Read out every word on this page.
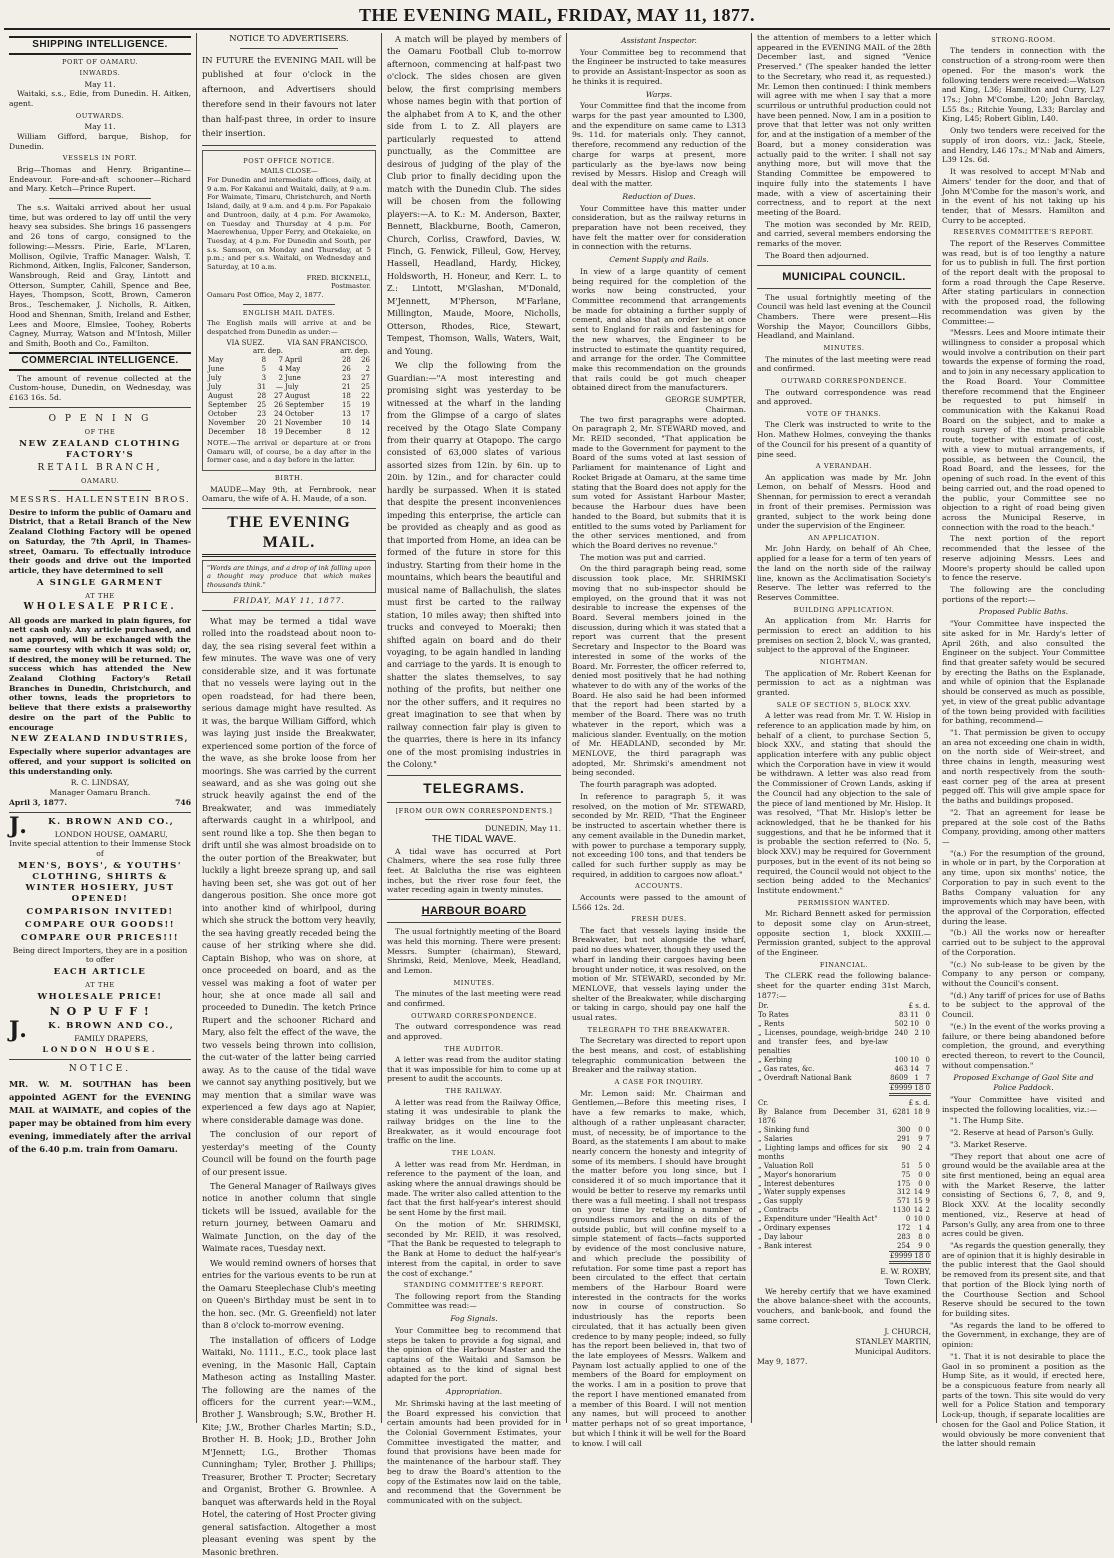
THE EVENING MAIL, FRIDAY, MAY 11, 1877.
SHIPPING INTELLIGENCE.
PORT OF OAMARU.
INWARDS.
May 11.

Waitaki, s.s., Edie, from Dunedin. H. Aitken, agent.

OUTWARDS.
May 11.

William Gifford, barque, Bishop, for Dunedin.

VESSELS IN PORT.

Brig—Thomas and Henry. Brigantine—Endeavour. Fore-and-aft schooner—Richard and Mary. Ketch—Prince Rupert.

The s.s. Waitaki arrived about her usual time, but was ordered to lay off until the very heavy sea subsides. She brings 16 passengers and 26 tons of cargo, consigned to the following:—Messrs. Pirie, Earle, M'Laren, Mollison, Ogilvie, Traffic Manager. Walsh, T. Richmond, Aitken, Inglis, Falconer, Sanderson, Wansbrough, Reid and Gray, Lintott and Otterson, Sumpter, Cahill, Spence and Bee, Hayes, Thompson, Scott, Brown, Cameron Bros., Teschemaker, J. Nicholls, R. Aitken, Hood and Shennan, Smith, Ireland and Esther, Lees and Moore, Elmslee, Toohey, Roberts Cagney, Murray, Watson and M'Intosh, Miller and Smith, Booth and Co., Familton.

COMMERCIAL INTELLIGENCE.

The amount of revenue collected at the Custom-house, Dunedin, on Wednesday, was £163 16s. 5d.

O P E N I N G
OF THE
NEW ZEALAND CLOTHING FACTORY'S
RETAIL BRANCH,
OAMARU.
MESSRS. HALLENSTEIN BROS.

Desire to inform the public of Oamaru and District, that a Retail Branch of the New Zealand Clothing Factory will be opened on Saturday, the 7th April, in Thames-street, Oamaru. To effectually introduce their goods and drive out the imported article, they have determined to sell

A SINGLE GARMENT
AT THE
WHOLESALE PRICE.

All goods are marked in plain figures, for nett cash only. Any article purchased, and not approved, will be exchanged with the same courtesy with which it was sold; or, if desired, the money will be returned. The success which has attended the New Zealand Clothing Factory's Retail Branches in Dunedin, Christchurch, and other towns, leads the proprietors to believe that there exists a praiseworthy desire on the part of the Public to encourage

NEW ZEALAND INDUSTRIES,

Especially where superior advantages are offered, and your support is solicited on this understanding only.

R. C. LINDSAY,
Manager Oamaru Branch.
April 3, 1877.	746
J. K. BROWN AND CO.,
LONDON HOUSE, OAMARU,
Invite special attention to their Immense Stock of
MEN'S, BOYS', & YOUTHS' CLOTHING, SHIRTS & WINTER HOSIERY, JUST OPENED!
COMPARISON INVITED!
COMPARE OUR GOODS!!
COMPARE OUR PRICES!!!
Being direct Importers, they are in a position to offer
EACH ARTICLE
AT THE
WHOLESALE PRICE!
N O P U F F !
J. K. BROWN AND CO.,
FAMILY DRAPERS,
LONDON HOUSE.
NOTICE.

MR. W. M. SOUTHAN has been appointed AGENT for the EVENING MAIL at WAIMATE, and copies of the paper may be obtained from him every evening, immediately after the arrival of the 6.40 p.m. train from Oamaru.

NOTICE TO ADVERTISERS.

IN FUTURE the EVENING MAIL will be published at four o'clock in the afternoon, and Advertisers should therefore send in their favours not later than half-past three, in order to insure their insertion.

POST OFFICE NOTICE.
MAILS CLOSE—

For Dunedin and intermediate offices, daily, at 9 a.m. For Kakanui and Waitaki, daily, at 9 a.m. For Waimate, Timaru, Christchurch, and North Island, daily, at 9 a.m. and 4 p.m. For Papakaio and Duntroon, daily, at 4 p.m. For Awamoko, on Tuesday and Thursday at 4 p.m. For Maerewhenua, Upper Ferry, and Otekaieke, on Tuesday, at 4 p.m. For Dunedin and South, per s.s. Samson, on Monday and Thursday, at 5 p.m.; and per s.s. Waitaki, on Wednesday and Saturday, at 10 a.m.

FRED. BICKNELL,
Postmaster.
Oamaru Post Office, May 2, 1877.
ENGLISH MAIL DATES.

The English mails will arrive at and be despatched from Dunedin as under:—

VIA SUEZ.			VIA SAN FRANCISCO.		
	arr. dep.			arr. dep.	
May	8	7	April	28	26
June	5	4	May	26	2
July	3	2	June	23	27
July	31	—	July	21	25
August	28	27	August	18	22
September	25	26	September	15	19
October	23	24	October	13	17
November	20	21	November	10	14
December	18	19	December	8	12

NOTE.—The arrival or departure at or from Oamaru will, of course, be a day after in the former case, and a day before in the latter.

BIRTH.

MAUDE—May 9th, at Fernbrook, near Oamaru, the wife of A. H. Maude, of a son.

THE EVENING MAIL.
"Words are things, and a drop of ink falling upon a thought may produce that which makes thousands think."
FRIDAY, MAY 11, 1877.

What may be termed a tidal wave rolled into the roadstead about noon to-day, the sea rising several feet within a few minutes. The wave was one of very considerable size, and it was fortunate that no vessels were laying out in the open roadstead, for had there been, serious damage might have resulted. As it was, the barque William Gifford, which was laying just inside the Breakwater, experienced some portion of the force of the wave, as she broke loose from her moorings. She was carried by the current seaward, and as she was going out she struck heavily against the end of the Breakwater, and was immediately afterwards caught in a whirlpool, and sent round like a top. She then began to drift until she was almost broadside on to the outer portion of the Breakwater, but luckily a light breeze sprang up, and sail having been set, she was got out of her dangerous position. She once more got into another kind of whirlpool, during which she struck the bottom very heavily, the sea having greatly receded being the cause of her striking where she did. Captain Bishop, who was on shore, at once proceeded on board, and as the vessel was making a foot of water per hour, she at once made all sail and proceeded to Dunedin. The ketch Prince Rupert and the schooner Richard and Mary, also felt the effect of the wave, the two vessels being thrown into collision, the cut-water of the latter being carried away. As to the cause of the tidal wave we cannot say anything positively, but we may mention that a similar wave was experienced a few days ago at Napier, where considerable damage was done.

The conclusion of our report of yesterday's meeting of the County Council will be found on the fourth page of our present issue.

The General Manager of Railways gives notice in another column that single tickets will be issued, available for the return journey, between Oamaru and Waimate Junction, on the day of the Waimate races, Tuesday next.

We would remind owners of horses that entries for the various events to be run at the Oamaru Steeplechase Club's meeting on Queen's Birthday must be sent in to the hon. sec. (Mr. G. Greenfield) not later than 8 o'clock to-morrow evening.

The installation of officers of Lodge Waitaki, No. 1111., E.C., took place last evening, in the Masonic Hall, Captain Matheson acting as Installing Master. The following are the names of the officers for the current year:—W.M., Brother J. Wansbrough; S.W., Brother H. Kite; J.W., Brother Charles Martin; S.D., Brother H. B. Hook; J.D., Brother John M'Jennett; I.G., Brother Thomas Cunningham; Tyler, Brother J. Phillips; Treasurer, Brother T. Procter; Secretary and Organist, Brother G. Brownlee. A banquet was afterwards held in the Royal Hotel, the catering of Host Procter giving general satisfaction. Altogether a most pleasant evening was spent by the Masonic brethren.

A match will be played by members of the Oamaru Football Club to-morrow afternoon, commencing at half-past two o'clock. The sides chosen are given below, the first comprising members whose names begin with that portion of the alphabet from A to K, and the other side from L to Z. All players are particularly requested to attend punctually, as the Committee are desirous of judging of the play of the Club prior to finally deciding upon the match with the Dunedin Club. The sides will be chosen from the following players:—A. to K.: M. Anderson, Baxter, Bennett, Blackburne, Booth, Cameron, Church, Corliss, Crawford, Davies, W. Finch, G. Fenwick, Filleul, Gow, Hervey, Hassell, Headland, Hardy, Hickey, Holdsworth, H. Honeur, and Kerr. L. to Z.: Lintott, M'Glashan, M'Donald, M'Jennett, M'Pherson, M'Farlane, Millington, Maude, Moore, Nicholls, Otterson, Rhodes, Rice, Stewart, Tempest, Thomson, Walls, Waters, Wait, and Young.

We clip the following from the Guardian:—"A most interesting and promising sight was yesterday to be witnessed at the wharf in the landing from the Glimpse of a cargo of slates received by the Otago Slate Company from their quarry at Otapopo. The cargo consisted of 63,000 slates of various assorted sizes from 12in. by 6in. up to 20in. by 12in., and for character could hardly be surpassed. When it is stated that despite the present inconveniences impeding this enterprise, the article can be provided as cheaply and as good as that imported from Home, an idea can be formed of the future in store for this industry. Starting from their home in the mountains, which bears the beautiful and musical name of Ballachulish, the slates must first be carted to the railway station, 10 miles away; then shifted into trucks and conveyed to Moeraki; then shifted again on board and do their voyaging, to be again handled in landing and carriage to the yards. It is enough to shatter the slates themselves, to say nothing of the profits, but neither one nor the other suffers, and it requires no great imagination to see that when by railway connection fair play is given to the quarries, there is here in its infancy one of the most promising industries in the Colony."

TELEGRAMS.
[FROM OUR OWN CORRESPONDENTS.]
DUNEDIN, May 11.
THE TIDAL WAVE.

A tidal wave has occurred at Port Chalmers, where the sea rose fully three feet. At Balclutha the rise was eighteen inches, but the river rose four feet, the water receding again in twenty minutes.

HARBOUR BOARD

The usual fortnightly meeting of the Board was held this morning. There were present: Messrs. Sumpter (chairman), Steward, Shrimski, Reid, Menlove, Meek, Headland, and Lemon.

MINUTES.

The minutes of the last meeting were read and confirmed.

OUTWARD CORRESPONDENCE.

The outward correspondence was read and approved.

THE AUDITOR.

A letter was read from the auditor stating that it was impossible for him to come up at present to audit the accounts.

THE RAILWAY.

A letter was read from the Railway Office, stating it was undesirable to plank the railway bridges on the line to the Breakwater, as it would encourage foot traffic on the line.

THE LOAN.

A letter was read from Mr. Herdman, in reference to the payment of the loan, and asking where the annual drawings should be made. The writer also called attention to the fact that the first half-year's interest should be sent Home by the first mail.

On the motion of Mr. SHRIMSKI, seconded by Mr. REID, it was resolved, "That the Bank be requested to telegraph to the Bank at Home to deduct the half-year's interest from the capital, in order to save the cost of exchange."

STANDING COMMITTEE'S REPORT.

The following report from the Standing Committee was read:—

Fog Signals.

Your Committee beg to recommend that steps be taken to provide a fog signal, and the opinion of the Harbour Master and the captains of the Waitaki and Samson be obtained as to the kind of signal best adapted for the port.

Appropriation.

Mr. Shrimski having at the last meeting of the Board expressed his conviction that certain amounts had been provided for in the Colonial Government Estimates, your Committee investigated the matter, and found that provisions have been made for the maintenance of the harbour staff. They beg to draw the Board's attention to the copy of the Estimates now laid on the table, and recommend that the Government be communicated with on the subject.

Assistant Inspector.

Your Committee beg to recommend that the Engineer be instructed to take measures to provide an Assistant-Inspector as soon as he thinks it is required.

Warps.

Your Committee find that the income from warps for the past year amounted to L300, and the expenditure on same came to L313 9s. 11d. for materials only. They cannot, therefore, recommend any reduction of the charge for warps at present, more particularly as the bye-laws now being revised by Messrs. Hislop and Creagh will deal with the matter.

Reduction of Dues.

Your Committee have this matter under consideration, but as the railway returns in preparation have not been received, they have felt the matter over for consideration in connection with the returns.

Cement Supply and Rails.

In view of a large quantity of cement being required for the completion of the works now being constructed, your Committee recommend that arrangements be made for obtaining a further supply of cement, and also that an order be at once sent to England for rails and fastenings for the new wharves, the Engineer to be instructed to estimate the quantity required, and arrange for the order. The Committee make this recommendation on the grounds that rails could be got much cheaper obtained direct from the manufacturers.

GEORGE SUMPTER,
Chairman.

The two first paragraphs were adopted. On paragraph 2, Mr. STEWARD moved, and Mr. REID seconded, "That application be made to the Government for payment to the Board of the sums voted at last session of Parliament for maintenance of Light and Rocket Brigade at Oamaru, at the same time stating that the Board does not apply for the sum voted for Assistant Harbour Master, because the Harbour dues have been handed to the Board, but submits that it is entitled to the sums voted by Parliament for the other services mentioned, and from which the Board derives no revenue."

The motion was put and carried.

On the third paragraph being read, some discussion took place, Mr. SHRIMSKI moving that no sub-inspector should be employed, on the ground that it was not desirable to increase the expenses of the Board. Several members joined in the discussion, during which it was stated that a report was current that the present Secretary and Inspector to the Board was interested in some of the works of the Board. Mr. Forrester, the officer referred to, denied most positively that he had nothing whatever to do with any of the works of the Board. He also said he had been informed that the report had been started by a member of the Board. There was no truth whatever in the report, which was a malicious slander. Eventually, on the motion of Mr. HEADLAND, seconded by Mr. MENLOVE, the third paragraph was adopted, Mr. Shrimski's amendment not being seconded.

The fourth paragraph was adopted.

In reference to paragraph 5, it was resolved, on the motion of Mr. STEWARD, seconded by Mr. REID, "That the Engineer be instructed to ascertain whether there is any cement available in the Dunedin market, with power to purchase a temporary supply, not exceeding 100 tons, and that tenders be called for such further supply as may be required, in addition to cargoes now afloat."

ACCOUNTS.

Accounts were passed to the amount of L566 12s. 2d.

FRESH DUES.

The fact that vessels laying inside the Breakwater, but not alongside the wharf, paid no dues whatever, though they used the wharf in landing their cargoes having been brought under notice, it was resolved, on the motion of Mr. STEWARD, seconded by Mr. MENLOVE, that vessels laying under the shelter of the Breakwater, while discharging or taking in cargo, should pay one half the usual rates.

TELEGRAPH TO THE BREAKWATER.

The Secretary was directed to report upon the best means, and cost, of establishing telegraphic communication between the Breaker and the railway station.

A CASE FOR INQUIRY.

Mr. Lemon said: Mr. Chairman and Gentlemen,—Before this meeting rises, I have a few remarks to make, which, although of a rather unpleasant character, must, of necessity, be of importance to the Board, as the statements I am about to make nearly concern the honesty and integrity of some of its members. I should have brought the matter before you long since, but I considered it of so much importance that it would be better to reserve my remarks until there was a full meeting. I shall not trespass on your time by retailing a number of groundless rumors and the on dits of the outside public, but will confine myself to a simple statement of facts—facts supported by evidence of the most conclusive nature, and which preclude the possibility of refutation. For some time past a report has been circulated to the effect that certain members of the Harbour Board were interested in the contracts for the works now in course of construction. So industriously has the reports been circulated, that it has actually been given credence to by many people; indeed, so fully has the report been believed in, that two of the late employees of Messrs. Walkem and Paynam lost actually applied to one of the members of the Board for employment on the works. I am in a position to prove that the report I have mentioned emanated from a member of this Board. I will not mention any names, but will proceed to another matter perhaps not of so great importance, but which I think it will be well for the Board to know. I will call

the attention of members to a letter which appeared in the EVENING MAIL of the 28th December last, and signed "Venice Preserved." (The speaker handed the letter to the Secretary, who read it, as requested.) Mr. Lemon then continued: I think members will agree with me when I say that a more scurrilous or untruthful production could not have been penned. Now, I am in a position to prove that that letter was not only written for, and at the instigation of a member of the Board, but a money consideration was actually paid to the writer. I shall not say anything more, but will move that the Standing Committee be empowered to inquire fully into the statements I have made, with a view of ascertaining their correctness, and to report at the next meeting of the Board.

The motion was seconded by Mr. REID, and carried, several members endorsing the remarks of the mover.

The Board then adjourned.

MUNICIPAL COUNCIL.

The usual fortnightly meeting of the Council was held last evening at the Council Chambers. There were present—His Worship the Mayor, Councillors Gibbs, Headland, and Mainland.

MINUTES.

The minutes of the last meeting were read and confirmed.

OUTWARD CORRESPONDENCE.

The outward correspondence was read and approved.

VOTE OF THANKS.

The Clerk was instructed to write to the Hon. Mathew Holmes, conveying the thanks of the Council for his present of a quantity of pine seed.

A VERANDAH.

An application was made by Mr. John Lemon, on behalf of Messrs. Hood and Shennan, for permission to erect a verandah in front of their premises. Permission was granted, subject to the work being done under the supervision of the Engineer.

AN APPLICATION.

Mr. John Hardy, on behalf of Ah Chee, applied for a lease for a term of ten years of the land on the north side of the railway line, known as the Acclimatisation Society's Reserve. The letter was referred to the Reserves Committee.

BUILDING APPLICATION.

An application from Mr. Harris for permission to erect an addition to his premises on section 2, block V., was granted, subject to the approval of the Engineer.

NIGHTMAN.

The application of Mr. Robert Keenan for permission to act as a nightman was granted.

SALE OF SECTION 5, BLOCK XXV.

A letter was read from Mr. T. W. Hislop in reference to an application made by him, on behalf of a client, to purchase Section 5, block XXV., and stating that should the application interfere with any public object which the Corporation have in view it would be withdrawn. A letter was also read from the Commissioner of Crown Lands, asking if the Council had any objection to the sale of the piece of land mentioned by Mr. Hislop. It was resolved, "That Mr. Hislop's letter be acknowledged, that he be thanked for his suggestions, and that he be informed that it is probable the section referred to (No. 5, block XXV.) may be required for Government purposes, but in the event of its not being so required, the Council would not object to the section being added to the Mechanics' Institute endowment."

PERMISSION WANTED.

Mr. Richard Bennett asked for permission to deposit some clay on Arun-street, opposite section 1, block XXXIII.—Permission granted, subject to the approval of the Engineer.

FINANCIAL.

The CLERK read the following balance-sheet for the quarter ending 31st March, 1877:—

Dr.	£ s. d.		
To Rates	83	11	0
„ Rents	502	10	0
„ Licenses, poundage, weigh-bridge and transfer fees, and bye-law penalties	240	2	10
„ Kerbing	100	10	0
„ Gas rates, &c.	463	14	7
„ Overdraft National Bank	8609	1	7
	£9999 18 0		
Cr.	£ s. d.		
By Balance from December 31, 1876	6281	18	9
„ Sinking fund	300	0	0
„ Salaries	291	9	7
„ Lighting lamps and offices for six months	90	2	4
„ Valuation Roll	51	5	0
„ Mayor's honorarium	75	0	0
„ Interest debentures	175	0	0
„ Water supply expenses	312	14	9
„ Gas supply	571	15	9
„ Contracts	1130	14	2
„ Expenditure under "Health Act"	0	10	0
„ Ordinary expenses	172	1	4
„ Day labour	283	8	0
„ Bank interest	254	9	0
	£9999 18 0		
E. W. ROXBY,
Town Clerk.

We hereby certify that we have examined the above balance-sheet with the accounts, vouchers, and bank-book, and found the same correct.

J. CHURCH,
STANLEY MARTIN,
Municipal Auditors.
May 9, 1877.
STRONG-ROOM.

The tenders in connection with the construction of a strong-room were then opened. For the mason's work the following tenders were received:—Watson and King, L36; Hamilton and Curry, L27 17s.; John M'Combe, L20; John Barclay, L55 8s.; Ritchie Young, L33; Barclay and King, L45; Robert Giblin, L40.

Only two tenders were received for the supply of iron doors, viz.: Jack, Steele, and Hendry, L46 17s.; M'Nab and Aimers, L39 12s. 6d.

It was resolved to accept M'Nab and Aimers' tender for the door, and that of John M'Combe for the mason's work, and in the event of his not taking up his tender, that of Messrs. Hamilton and Curry to be accepted.

RESERVES COMMITTEE'S REPORT.

The report of the Reserves Committee was read, but is of too lengthy a nature for us to publish in full. The first portion of the report dealt with the proposal to form a road through the Cape Reserve. After stating particulars in connection with the proposed road, the following recommendation was given by the Committee:—

"Messrs. Lees and Moore intimate their willingness to consider a proposal which would involve a contribution on their part towards the expense of forming the road, and to join in any necessary application to the Road Board. Your Committee therefore recommend that the Engineer be requested to put himself in communication with the Kakanui Road Board on the subject, and to make a rough survey of the most practicable route, together with estimate of cost, with a view to mutual arrangements, if possible, as between the Council, the Road Board, and the lessees, for the opening of such road. In the event of this being carried out, and the road opened to the public, your Committee see no objection to a right of road being given across the Municipal Reserve, in connection with the road to the beach."

The next portion of the report recommended that the lessee of the reserve adjoining Messrs. Lees and Moore's property should be called upon to fence the reserve.

The following are the concluding portions of the report:—

Proposed Public Baths.

"Your Committee have inspected the site asked for in Mr. Hardy's letter of April 26th, and also consulted the Engineer on the subject. Your Committee find that greater safety would be secured by erecting the Baths on the Esplanade, and while of opinion that the Esplanade should be conserved as much as possible, yet, in view of the great public advantage of the town being provided with facilities for bathing, recommend—

"1. That permission be given to occupy an area not exceeding one chain in width, on the north side of Weir-street, and three chains in length, measuring west and north respectively from the south-east corner peg of the area at present pegged off. This will give ample space for the baths and buildings proposed.

"2. That an agreement for lease be prepared at the sole cost of the Baths Company, providing, among other matters—

"(a.) For the resumption of the ground, in whole or in part, by the Corporation at any time, upon six months' notice, the Corporation to pay in such event to the Baths Company valuation for any improvements which may have been, with the approval of the Corporation, effected during the lease.

"(b.) All the works now or hereafter carried out to be subject to the approval of the Corporation.

"(c.) No sub-lease to be given by the Company to any person or company, without the Council's consent.

"(d.) Any tariff of prices for use of Baths to be subject to the approval of the Council.

"(e.) In the event of the works proving a failure, or there being abandoned before completion, the ground, and everything erected thereon, to revert to the Council, without compensation."

Proposed Exchange of Gaol Site and Police Paddock.

"Your Committee have visited and inspected the following localities, viz.:—

"1. The Hump Site.

"2. Reserve at head of Parson's Gully.

"3. Market Reserve.

"They report that about one acre of ground would be the available area at the site first mentioned, being an equal area with the Market Reserve, the latter consisting of Sections 6, 7, 8, and 9, Block XXV. At the locality secondly mentioned, viz., Reserve at head of Parson's Gully, any area from one to three acres could be given.

"As regards the question generally, they are of opinion that it is highly desirable in the public interest that the Gaol should be removed from its present site, and that that portion of the Block lying north of the Courthouse Section and School Reserve should be secured to the town for building sites.

"As regards the land to be offered to the Government, in exchange, they are of opinion:

"1. That it is not desirable to place the Gaol in so prominent a position as the Hump Site, as it would, if erected here, be a conspicuous feature from nearly all parts of the town. This site would do very well for a Police Station and temporary Lock-up, though, if separate localities are chosen for the Gaol and Police Station, it would obviously be more convenient that the latter should remain
